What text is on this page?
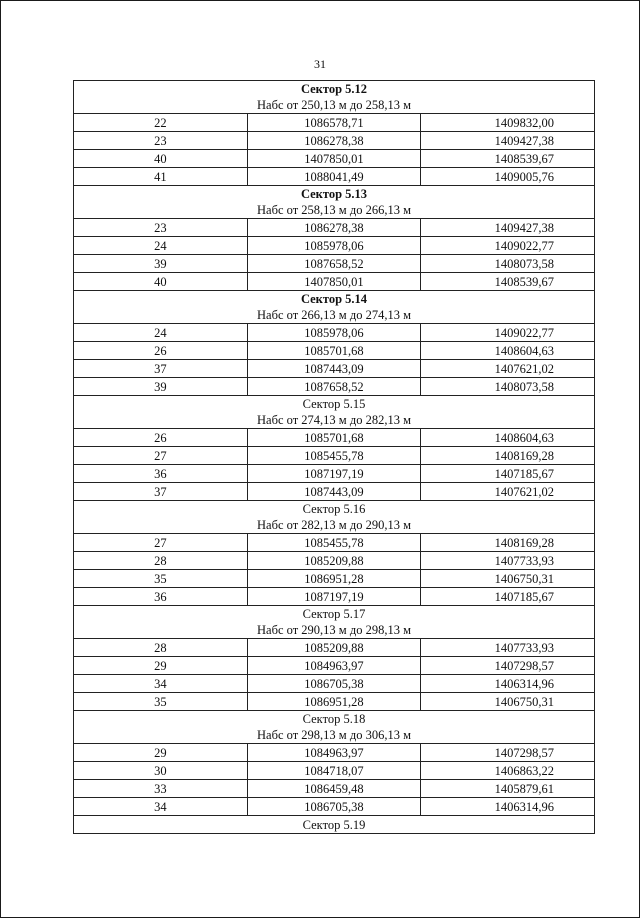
31
Сектор 5.12
Набс от 250,13 м до 258,13 м		

22	1086578,71	1409832,00
23	1086278,38	1409427,38
40	1407850,01	1408539,67
41	1088041,49	1409005,76

Сектор 5.13
Набс от 258,13 м до 266,13 м		

23	1086278,38	1409427,38
24	1085978,06	1409022,77
39	1087658,52	1408073,58
40	1407850,01	1408539,67

Сектор 5.14
Набс от 266,13 м до 274,13 м		

24	1085978,06	1409022,77
26	1085701,68	1408604,63
37	1087443,09	1407621,02
39	1087658,52	1408073,58

Сектор 5.15
Набс от 274,13 м до 282,13 м		

26	1085701,68	1408604,63
27	1085455,78	1408169,28
36	1087197,19	1407185,67
37	1087443,09	1407621,02

Сектор 5.16
Набс от 282,13 м до 290,13 м		

27	1085455,78	1408169,28
28	1085209,88	1407733,93
35	1086951,28	1406750,31
36	1087197,19	1407185,67

Сектор 5.17
Набс от 290,13 м до 298,13 м		

28	1085209,88	1407733,93
29	1084963,97	1407298,57
34	1086705,38	1406314,96
35	1086951,28	1406750,31

Сектор 5.18
Набс от 298,13 м до 306,13 м		

29	1084963,97	1407298,57
30	1084718,07	1406863,22
33	1086459,48	1405879,61
34	1086705,38	1406314,96

Сектор 5.19		
